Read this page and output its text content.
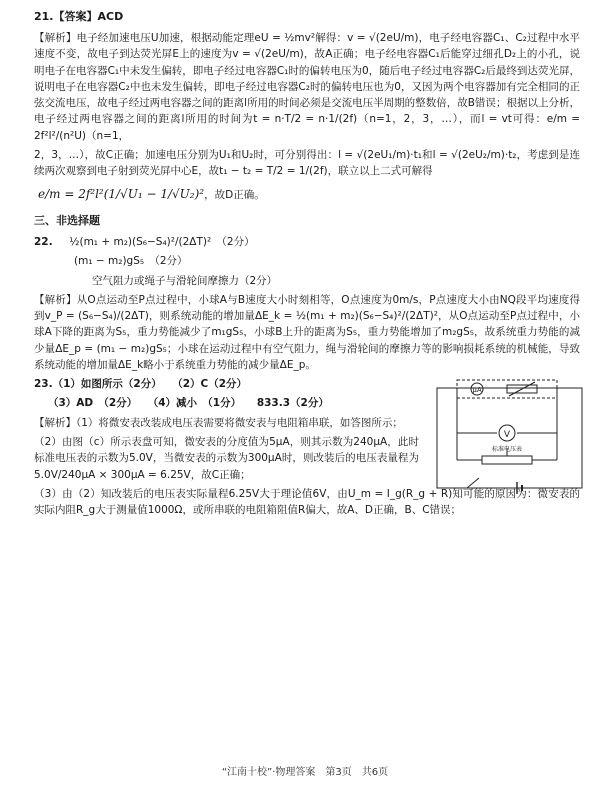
21.【答案】ACD

【解析】电子经加速电压U加速，根据动能定理eU = ½mv²解得：v = √(2eU/m)，电子经电容器C₁、C₂过程中水平速度不变，故电子到达荧光屏E上的速度为v = √(2eU/m)，故A正确；电子经电容器C₁后能穿过细孔D₂上的小孔，说明电子在电容器C₁中未发生偏转，即电子经过电容器C₁时的偏转电压为0，随后电子经过电容器C₂后最终到达荧光屏，说明电子在电容器C₂中也未发生偏转，即电子经过电容器C₂时的偏转电压也为0，又因为两个电容器加有完全相同的正弦交流电压，故电子经过两电容器之间的距离l所用的时间必须是交流电压半周期的整数倍，故B错误；根据以上分析，电子经过两电容器之间的距离l所用的时间为t = n·T/2 = n·1/(2f)（n=1，2，3，…），而l = vt可得：e/m = 2f²l²/(n²U)（n=1，

2，3，…），故C正确；加速电压分别为U₁和U₂时，可分别得出：l = √(2eU₁/m)·t₁和l = √(2eU₂/m)·t₂，考虑到是连续两次观察到电子射到荧光屏中心E，故t₁ − t₂ = T/2 = 1/(2f)，联立以上二式可解得

e/m = 2f²l²(1/√U₁ − 1/√U₂)²，故D正确。

三、非选择题

22. ½(m₁ + m₂)(S₆−S₄)²/(2ΔT)²　（2分）

(m₁ − m₂)gS₅　（2分）

空气阻力或绳子与滑轮间摩擦力（2分）

【解析】从O点运动至P点过程中，小球A与B速度大小时刻相等，O点速度为0m/s，P点速度大小由NQ段平均速度得到v_P = (S₆−S₄)/(2ΔT)，则系统动能的增加量ΔE_k = ½(m₁ + m₂)(S₆−S₄)²/(2ΔT)²，从O点运动至P点过程中，小球A下降的距离为S₅，重力势能减少了m₁gS₅，小球B上升的距离为S₅，重力势能增加了m₂gS₅，故系统重力势能的减少量ΔE_p = (m₁ − m₂)gS₅；小球在运动过程中有空气阻力，绳与滑轮间的摩擦力等的影响损耗系统的机械能，导致系统动能的增加量ΔE_k略小于系统重力势能的减少量ΔE_p。

23.（1）如图所示（2分）　　（2）C（2分）

（3）AD　（2分）　　（4）减小　（1分）　　833.3（2分）

【解析】（1）将微安表改装成电压表需要将微安表与电阻箱串联，如答图所示；

（2）由图（c）所示表盘可知，微安表的分度值为5μA，则其示数为240μA，此时标准电压表的示数为5.0V，当微安表的示数为300μA时，则改装后的电压表量程为 5.0V/240μA × 300μA = 6.25V，故C正确；

（3）由（2）知改装后的电压表实际量程6.25V大于理论值6V，由U_m = I_g(R_g + R)知可能的原因为：微安表的实际内阻R_g大于测量值1000Ω，或所串联的电阻箱阻值R偏大，故A、D正确，B、C错误；

V
μA
标准电压表
“江南十校”·物理答案　第3页　共6页
